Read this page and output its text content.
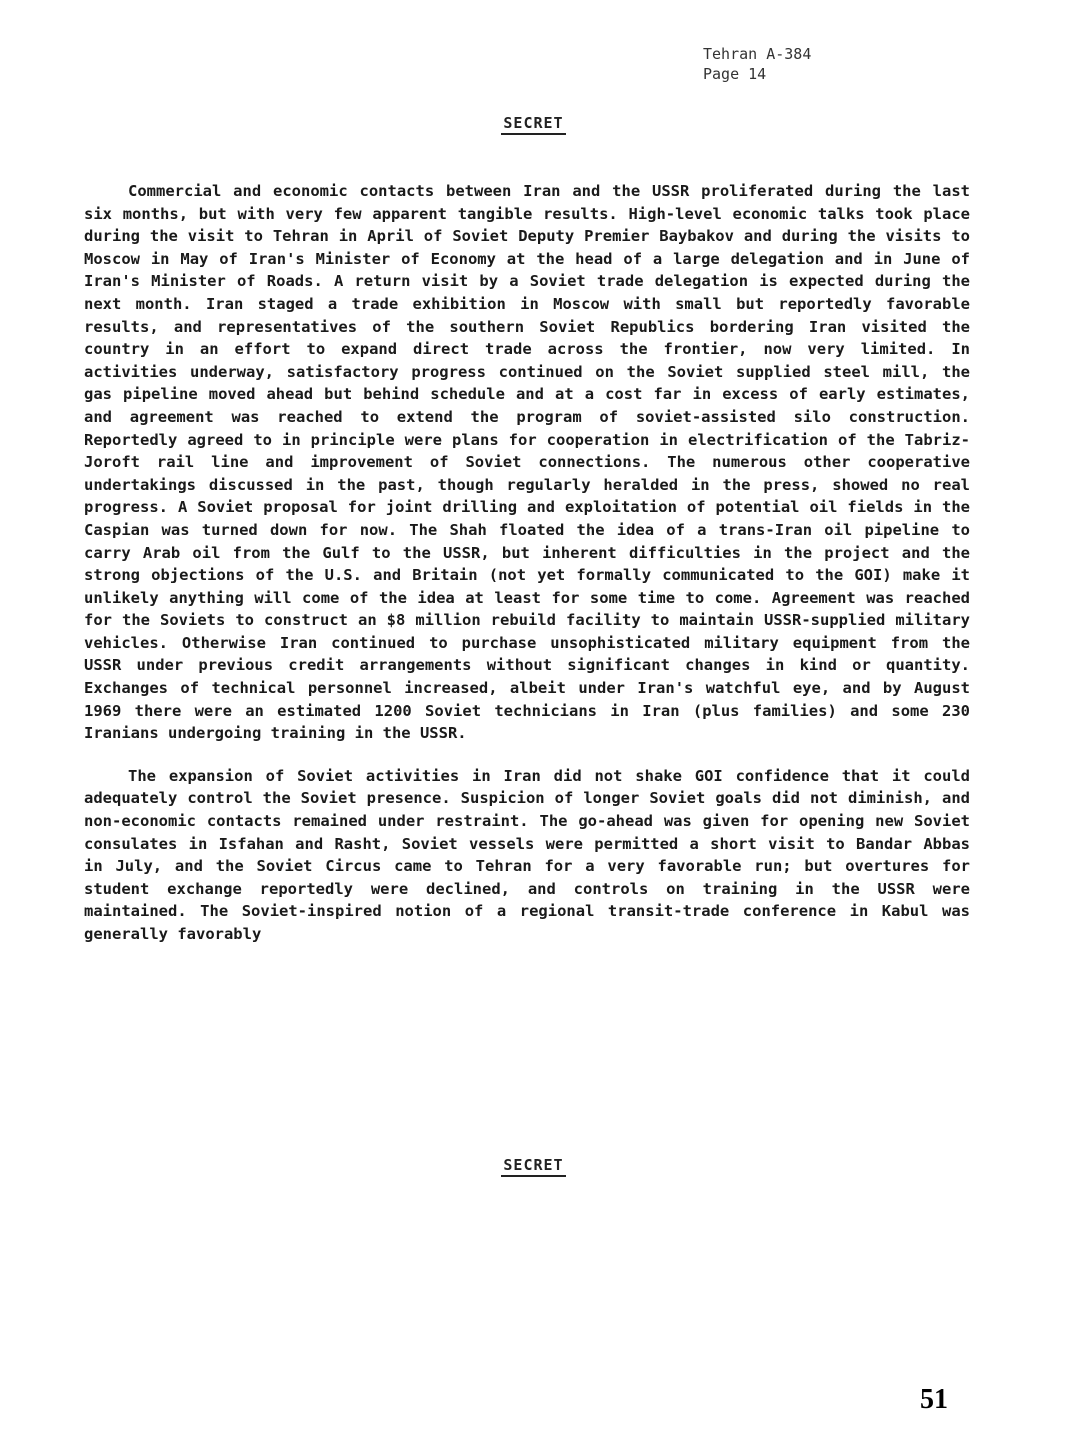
Tehran A-384
Page 14
SECRET

Commercial and economic contacts between Iran and the USSR proliferated during the last six months, but with very few apparent tangible results. High-level economic talks took place during the visit to Tehran in April of Soviet Deputy Premier Baybakov and during the visits to Moscow in May of Iran's Minister of Economy at the head of a large delegation and in June of Iran's Minister of Roads. A return visit by a Soviet trade delegation is expected during the next month. Iran staged a trade exhibition in Moscow with small but reportedly favorable results, and representatives of the southern Soviet Republics bordering Iran visited the country in an effort to expand direct trade across the frontier, now very limited. In activities underway, satisfactory progress continued on the Soviet supplied steel mill, the gas pipeline moved ahead but behind schedule and at a cost far in excess of early estimates, and agreement was reached to extend the program of soviet-assisted silo construction. Reportedly agreed to in principle were plans for cooperation in electrification of the Tabriz-Joroft rail line and improvement of Soviet connections. The numerous other cooperative undertakings discussed in the past, though regularly heralded in the press, showed no real progress. A Soviet proposal for joint drilling and exploitation of potential oil fields in the Caspian was turned down for now. The Shah floated the idea of a trans-Iran oil pipeline to carry Arab oil from the Gulf to the USSR, but inherent difficulties in the project and the strong objections of the U.S. and Britain (not yet formally communicated to the GOI) make it unlikely anything will come of the idea at least for some time to come. Agreement was reached for the Soviets to construct an $8 million rebuild facility to maintain USSR-supplied military vehicles. Otherwise Iran continued to purchase unsophisticated military equipment from the USSR under previous credit arrangements without significant changes in kind or quantity. Exchanges of technical personnel increased, albeit under Iran's watchful eye, and by August 1969 there were an estimated 1200 Soviet technicians in Iran (plus families) and some 230 Iranians undergoing training in the USSR.

The expansion of Soviet activities in Iran did not shake GOI confidence that it could adequately control the Soviet presence. Suspicion of longer Soviet goals did not diminish, and non-economic contacts remained under restraint. The go-ahead was given for opening new Soviet consulates in Isfahan and Rasht, Soviet vessels were permitted a short visit to Bandar Abbas in July, and the Soviet Circus came to Tehran for a very favorable run; but overtures for student exchange reportedly were declined, and controls on training in the USSR were maintained. The Soviet-inspired notion of a regional transit-trade conference in Kabul was generally favorably

SECRET
51
